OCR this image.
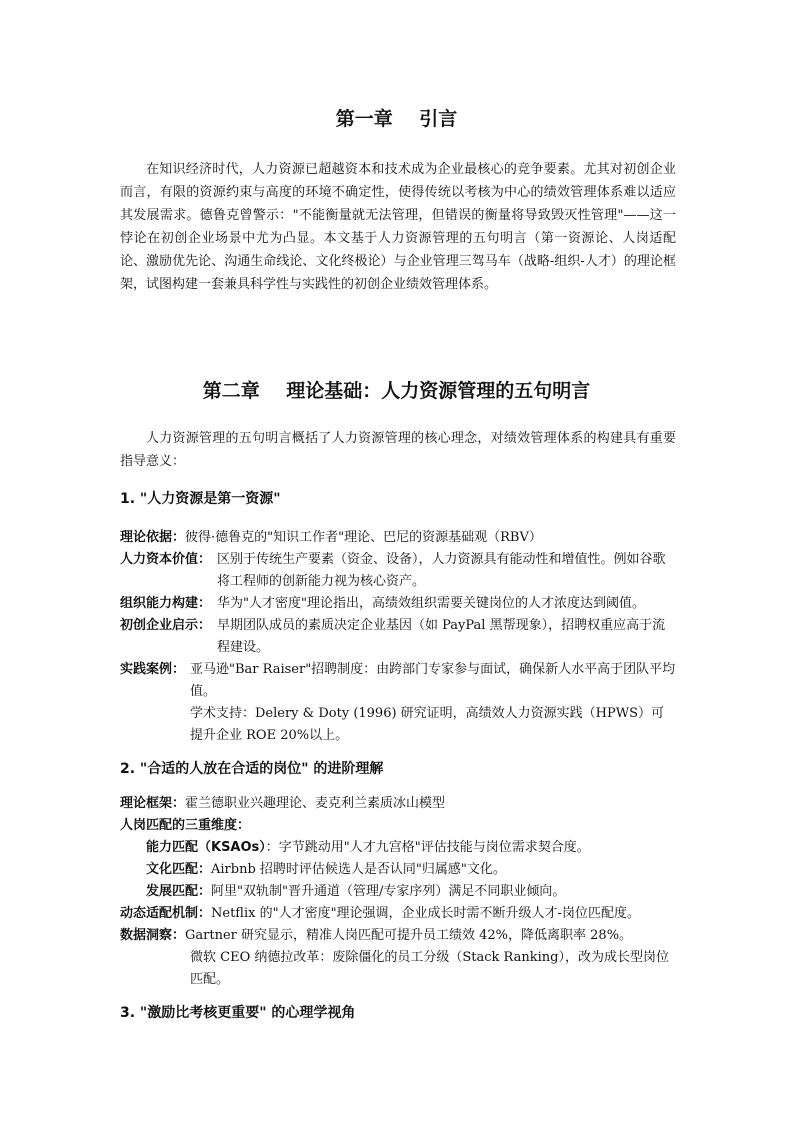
第一章    引言

在知识经济时代，人力资源已超越资本和技术成为企业最核心的竞争要素。尤其对初创企业而言，有限的资源约束与高度的环境不确定性，使得传统以考核为中心的绩效管理体系难以适应其发展需求。德鲁克曾警示："不能衡量就无法管理，但错误的衡量将导致毁灭性管理"——这一悖论在初创企业场景中尤为凸显。本文基于人力资源管理的五句明言（第一资源论、人岗适配论、激励优先论、沟通生命线论、文化终极论）与企业管理三驾马车（战略-组织-人才）的理论框架，试图构建一套兼具科学性与实践性的初创企业绩效管理体系。

第二章    理论基础：人力资源管理的五句明言

人力资源管理的五句明言概括了人力资源管理的核心理念，对绩效管理体系的构建具有重要指导意义：

1. "人力资源是第一资源"
理论依据：彼得·德鲁克的"知识工作者"理论、巴尼的资源基础观（RBV）
人力资本价值： 区别于传统生产要素（资金、设备），人力资源具有能动性和增值性。例如谷歌将工程师的创新能力视为核心资产。
组织能力构建： 华为"人才密度"理论指出，高绩效组织需要关键岗位的人才浓度达到阈值。
初创企业启示： 早期团队成员的素质决定企业基因（如 PayPal 黑帮现象），招聘权重应高于流程建设。
实践案例： 亚马逊"Bar Raiser"招聘制度：由跨部门专家参与面试，确保新人水平高于团队平均值。
学术支持：Delery & Doty (1996) 研究证明，高绩效人力资源实践（HPWS）可提升企业 ROE 20%以上。
2. "合适的人放在合适的岗位" 的进阶理解
理论框架：霍兰德职业兴趣理论、麦克利兰素质冰山模型
人岗匹配的三重维度：
能力匹配（KSAOs）：字节跳动用"人才九宫格"评估技能与岗位需求契合度。
文化匹配：Airbnb 招聘时评估候选人是否认同"归属感"文化。
发展匹配：阿里"双轨制"晋升通道（管理/专家序列）满足不同职业倾向。
动态适配机制：Netflix 的"人才密度"理论强调，企业成长时需不断升级人才-岗位匹配度。
数据洞察：Gartner 研究显示，精准人岗匹配可提升员工绩效 42%，降低离职率 28%。
微软 CEO 纳德拉改革：废除僵化的员工分级（Stack Ranking），改为成长型岗位匹配。
3. "激励比考核更重要" 的心理学视角
